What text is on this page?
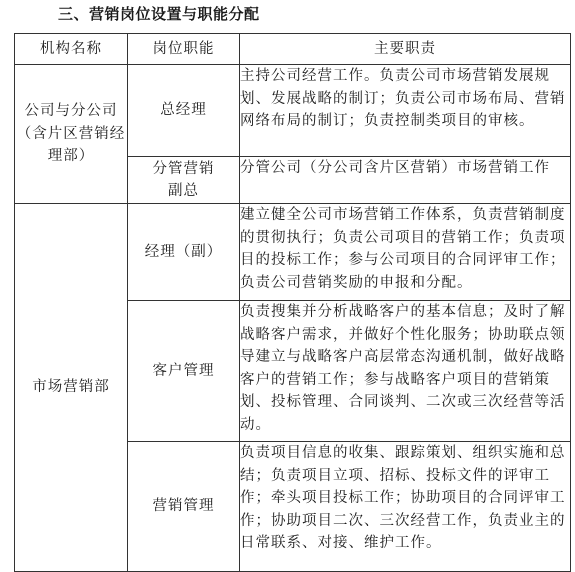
三、营销岗位设置与职能分配
机构名称	岗位职能	主要职责
公司与分公司（含片区营销经理部）	总经理	主持公司经营工作。负责公司市场营销发展规划、发展战略的制订；负责公司市场布局、营销网络布局的制订；负责控制类项目的审核。
	分管营销副总	分管公司（分公司含片区营销）市场营销工作
市场营销部	经理（副）	建立健全公司市场营销工作体系，负责营销制度的贯彻执行；负责公司项目的营销工作；负责项目的投标工作；参与公司项目的合同评审工作；负责公司营销奖励的申报和分配。
	客户管理	负责搜集并分析战略客户的基本信息；及时了解战略客户需求，并做好个性化服务；协助联点领导建立与战略客户高层常态沟通机制，做好战略客户的营销工作；参与战略客户项目的营销策划、投标管理、合同谈判、二次或三次经营等活动。
	营销管理	负责项目信息的收集、跟踪策划、组织实施和总结；负责项目立项、招标、投标文件的评审工作；牵头项目投标工作；协助项目的合同评审工作；协助项目二次、三次经营工作，负责业主的日常联系、对接、维护工作。
